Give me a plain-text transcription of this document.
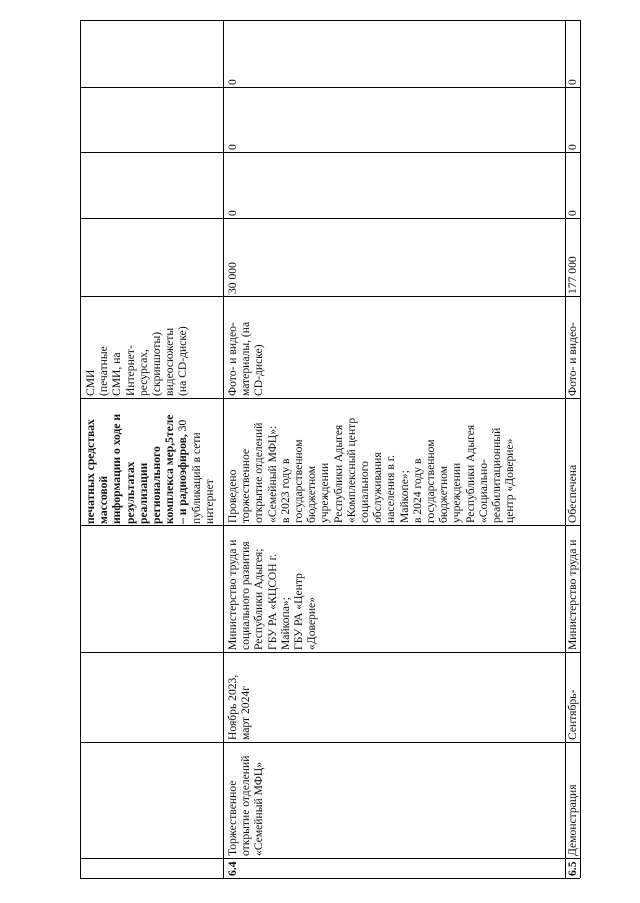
печатных средствах
массовой
информации о ходе и
результатах
реализации
регионального
комплекса мер,5теле
– и радиоэфиров, 30
публикаций в сети
интернет
СМИ
(печатные
СМИ, на
Интернет-
ресурсах,
(скриншоты)
видеосюжеты
(на CD-диске)
6.4
Торжественное
открытие отделений
«Семейный МФЦ»
Ноябрь 2023,
март 2024г
Министерство труда и
социального развития
Республики Адыгея;
ГБУ РА «КЦСОН г.
Майкопа»;
ГБУ РА «Центр
«Доверие»
Проведено
торжественное
открытие отделений
«Семейный МФЦ»:
в 2023 году в
государственном
бюджетном
учреждении
Республики Адыгея
«Комплексный центр
социального
обслуживания
населения в г.
Майкопе»;
в 2024 году в
государственном
бюджетном
учреждении
Республики Адыгея
«Социально-
реабилитационный
центр «Доверие»
Фото- и видео-
материалы, (на
CD-диске)
30 000
0
0
0
6.5
Демонстрация
Сентябрь-
Министерство труда и
Обеспечена
Фото- и видео-
177 000
0
0
0
